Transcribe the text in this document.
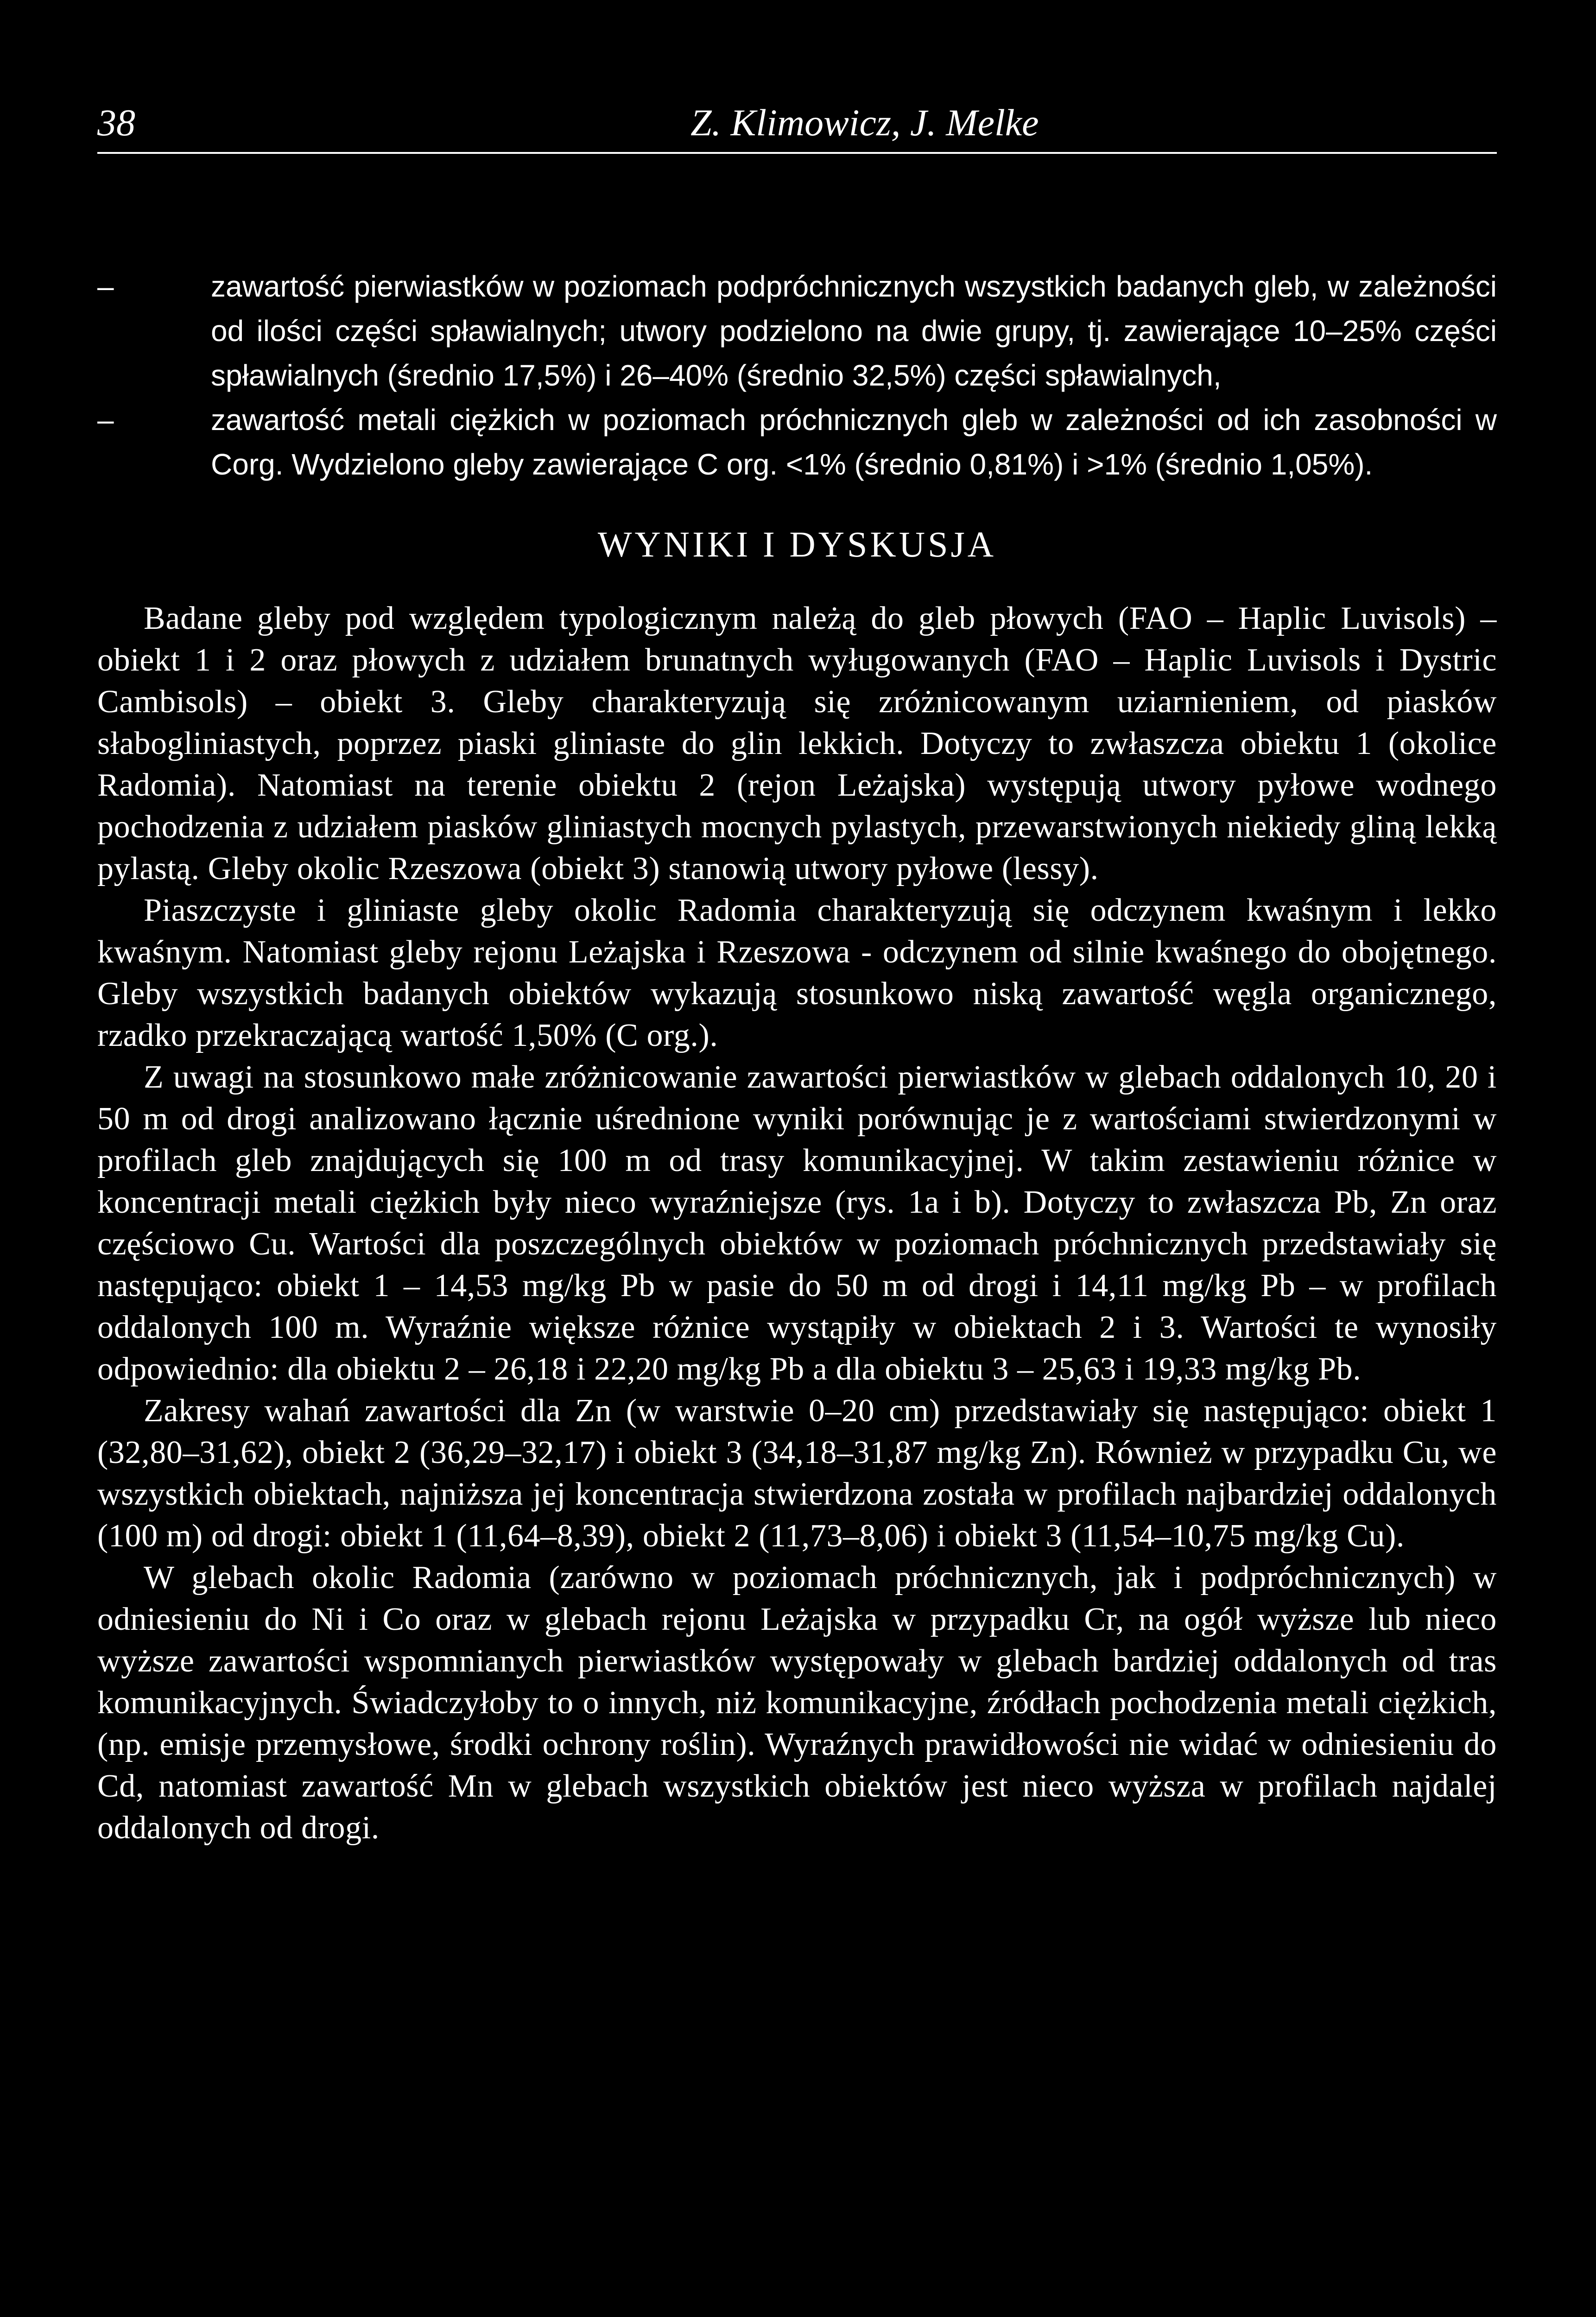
38	Z. Klimowicz, J. Melke
–	zawartość pierwiastków w poziomach podpróchnicznych wszystkich badanych gleb, w zależności od ilości części spławialnych; utwory podzielono na dwie grupy, tj. zawierające 10–25% części spławialnych (średnio 17,5%) i 26–40% (średnio 32,5%) części spławialnych,
–	zawartość metali ciężkich w poziomach próchnicznych gleb w zależności od ich zasobności w Corg. Wydzielono gleby zawierające C org. <1% (średnio 0,81%) i >1% (średnio 1,05%).
WYNIKI I DYSKUSJA

Badane gleby pod względem typologicznym należą do gleb płowych (FAO – Haplic Luvisols) – obiekt 1 i 2 oraz płowych z udziałem brunatnych wyługowanych (FAO – Haplic Luvisols i Dystric Cambisols) – obiekt 3. Gleby charakteryzują się zróżnicowanym uziarnieniem, od piasków słabogliniastych, poprzez piaski gliniaste do glin lekkich. Dotyczy to zwłaszcza obiektu 1 (okolice Radomia). Natomiast na terenie obiektu 2 (rejon Leżajska) występują utwory pyłowe wodnego pochodzenia z udziałem piasków gliniastych mocnych pylastych, przewarstwionych niekiedy gliną lekką pylastą. Gleby okolic Rzeszowa (obiekt 3) stanowią utwory pyłowe (lessy).

Piaszczyste i gliniaste gleby okolic Radomia charakteryzują się odczynem kwaśnym i lekko kwaśnym. Natomiast gleby rejonu Leżajska i Rzeszowa - odczynem od silnie kwaśnego do obojętnego. Gleby wszystkich badanych obiektów wykazują stosunkowo niską zawartość węgla organicznego, rzadko przekraczającą wartość 1,50% (C org.).

Z uwagi na stosunkowo małe zróżnicowanie zawartości pierwiastków w glebach oddalonych 10, 20 i 50 m od drogi analizowano łącznie uśrednione wyniki porównując je z wartościami stwierdzonymi w profilach gleb znajdujących się 100 m od trasy komunikacyjnej. W takim zestawieniu różnice w koncentracji metali ciężkich były nieco wyraźniejsze (rys. 1a i b). Dotyczy to zwłaszcza Pb, Zn oraz częściowo Cu. Wartości dla poszczególnych obiektów w poziomach próchnicznych przedstawiały się następująco: obiekt 1 – 14,53 mg/kg Pb w pasie do 50 m od drogi i 14,11 mg/kg Pb – w profilach oddalonych 100 m. Wyraźnie większe różnice wystąpiły w obiektach 2 i 3. Wartości te wynosiły odpowiednio: dla obiektu 2 – 26,18 i 22,20 mg/kg Pb a dla obiektu 3 – 25,63 i 19,33 mg/kg Pb.

Zakresy wahań zawartości dla Zn (w warstwie 0–20 cm) przedstawiały się następująco: obiekt 1 (32,80–31,62), obiekt 2 (36,29–32,17) i obiekt 3 (34,18–31,87 mg/kg Zn). Również w przypadku Cu, we wszystkich obiektach, najniższa jej koncentracja stwierdzona została w profilach najbardziej oddalonych (100 m) od drogi: obiekt 1 (11,64–8,39), obiekt 2 (11,73–8,06) i obiekt 3 (11,54–10,75 mg/kg Cu).

W glebach okolic Radomia (zarówno w poziomach próchnicznych, jak i podpróchnicznych) w odniesieniu do Ni i Co oraz w glebach rejonu Leżajska w przypadku Cr, na ogół wyższe lub nieco wyższe zawartości wspomnianych pierwiastków występowały w glebach bardziej oddalonych od tras komunikacyjnych. Świadczyłoby to o innych, niż komunikacyjne, źródłach pochodzenia metali ciężkich, (np. emisje przemysłowe, środki ochrony roślin). Wyraźnych prawidłowości nie widać w odniesieniu do Cd, natomiast zawartość Mn w glebach wszystkich obiektów jest nieco wyższa w profilach najdalej oddalonych od drogi.
